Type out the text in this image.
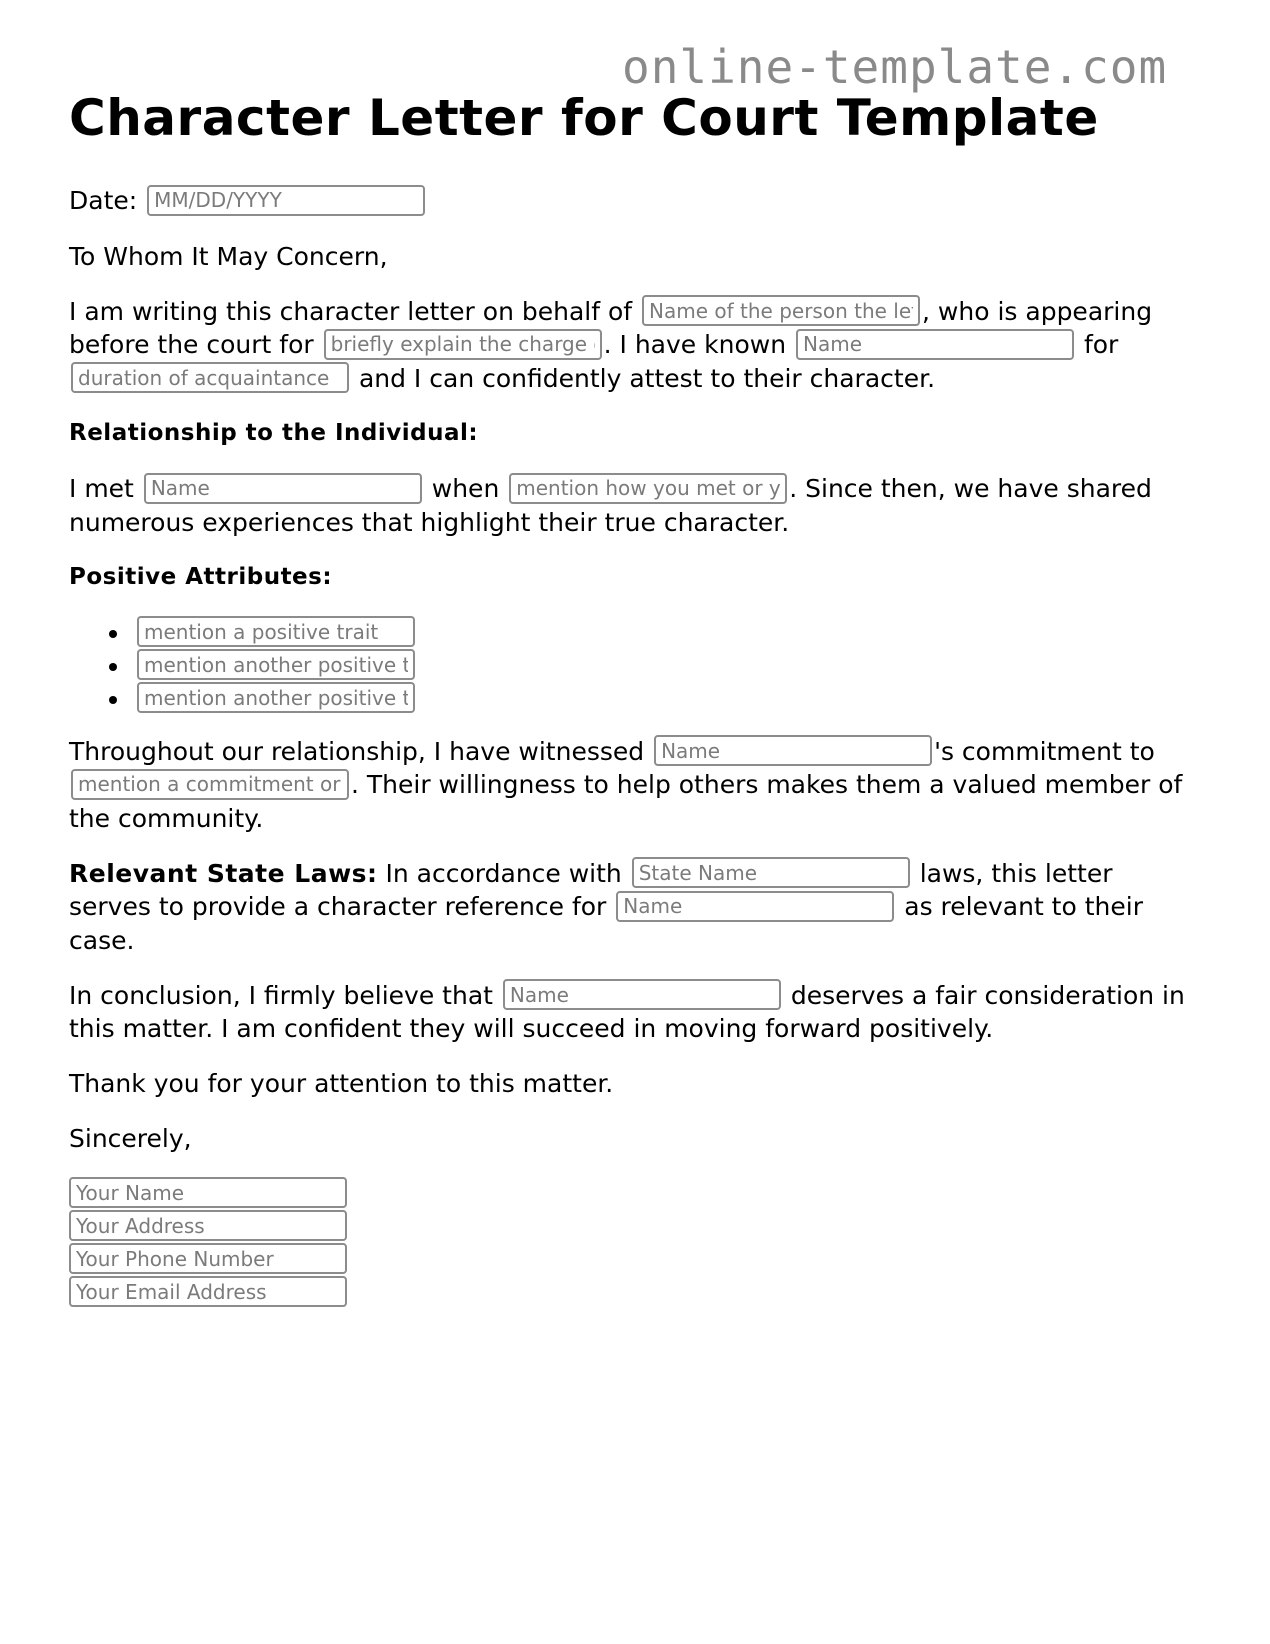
online-template.com
Character Letter for Court Template

Date: MM/DD/YYYY

To Whom It May Concern,

I am writing this character letter on behalf of Name of the person the letter is for	, who is appearing before the court for briefly explain the charge or case	. I have known Name	for duration of acquaintance and I can confidently attest to their character.

Relationship to the Individual:

I met Name	when mention how you met or your relationship	. Since then, we have shared numerous experiences that highlight their true character.

Positive Attributes:

• mention a positive trait
• mention another positive trait
• mention another positive trait

Throughout our relationship, I have witnessed Name	's commitment to mention a commitment or value. Their willingness to help others makes them a valued member of the community.

Relevant State Laws: In accordance with State Name	laws, this letter serves to provide a character reference for Name	as relevant to their case.

In conclusion, I firmly believe that Name	deserves a fair consideration in this matter. I am confident they will succeed in moving forward positively.

Thank you for your attention to this matter.

Sincerely,

Your Name
Your Address
Your Phone Number
Your Email Address
